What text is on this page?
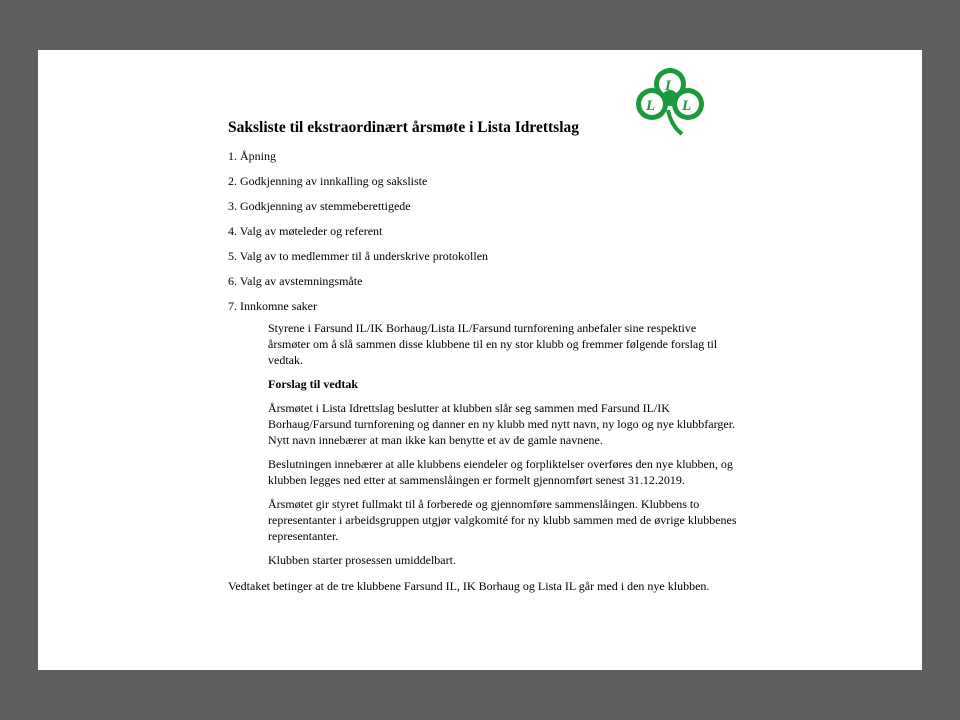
I
L L
Saksliste til ekstraordinært årsmøte i Lista Idrettslag

1. Åpning

2. Godkjenning av innkalling og saksliste

3. Godkjenning av stemmeberettigede

4. Valg av møteleder og referent

5. Valg av to medlemmer til å underskrive protokollen

6. Valg av avstemningsmåte

7. Innkomne saker

Styrene i Farsund IL/IK Borhaug/Lista IL/Farsund turnforening anbefaler sine respektive årsmøter om å slå sammen disse klubbene til en ny stor klubb og fremmer følgende forslag til vedtak.

Forslag til vedtak

Årsmøtet i Lista Idrettslag beslutter at klubben slår seg sammen med Farsund IL/IK Borhaug/Farsund turnforening og danner en ny klubb med nytt navn, ny logo og nye klubbfarger. Nytt navn innebærer at man ikke kan benytte et av de gamle navnene.

Beslutningen innebærer at alle klubbens eiendeler og forpliktelser overføres den nye klubben, og klubben legges ned etter at sammenslåingen er formelt gjennomført senest 31.12.2019.

Årsmøtet gir styret fullmakt til å forberede og gjennomføre sammenslåingen. Klubbens to representanter i arbeidsgruppen utgjør valgkomité for ny klubb sammen med de øvrige klubbenes representanter.

Klubben starter prosessen umiddelbart.

Vedtaket betinger at de tre klubbene Farsund IL, IK Borhaug og Lista IL går med i den nye klubben.
